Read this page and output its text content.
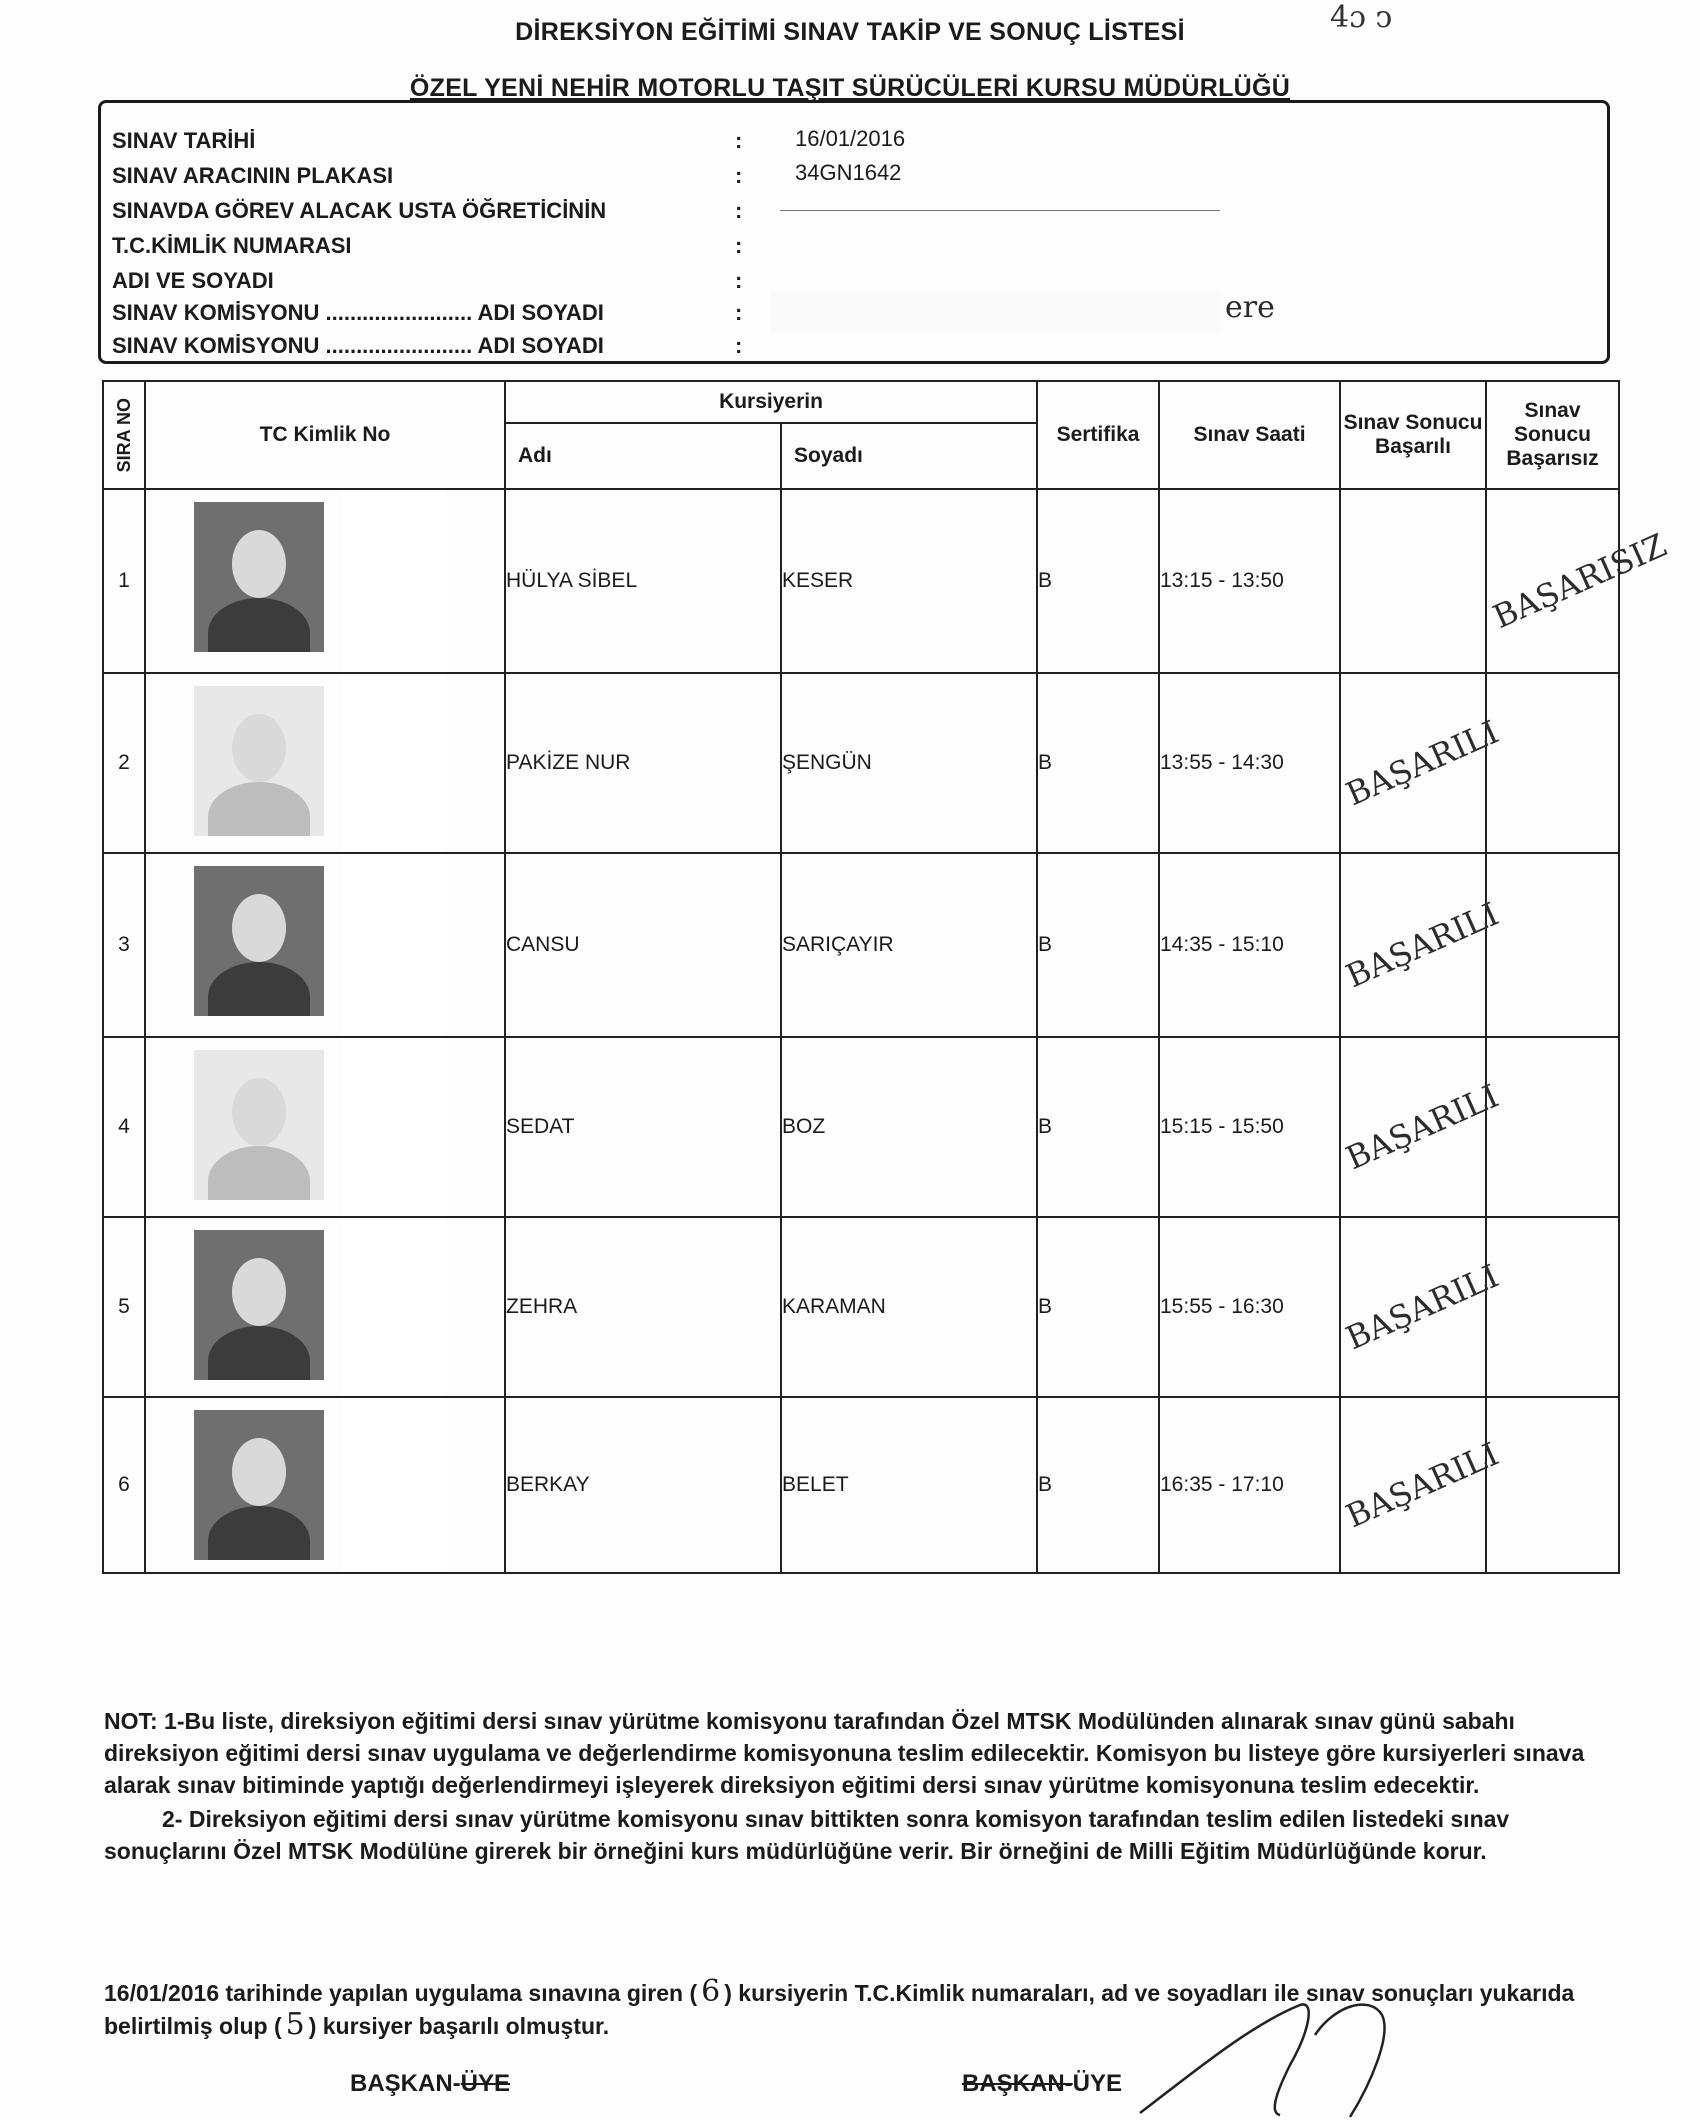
DİREKSİYON EĞİTİMİ SINAV TAKİP VE SONUÇ LİSTESİ
ÖZEL YENİ NEHİR MOTORLU TAŞIT SÜRÜCÜLERİ KURSU MÜDÜRLÜĞÜ
4ɔ ↄ
SINAV TARİHİ	: 16/01/2016
SINAV ARACININ PLAKASI	: 34GN1642
SINAVDA GÖREV ALACAK USTA ÖĞRETİCİNİN	:
T.C.KİMLİK NUMARASI	:
ADI VE SOYADI	:
SINAV KOMİSYONU ........................ ADI SOYADI	:	ere
SINAV KOMİSYONU ........................ ADI SOYADI	:
SIRA NO	TC Kimlik No	Kursiyerin		Sertifika	Sınav Saati	Sınav Sonucu Başarılı	Sınav Sonucu Başarısız
		Adı	Soyadı				
1		HÜLYA SİBEL	KESER	B	13:15 - 13:50		BAŞARISIZ
2		PAKİZE NUR	ŞENGÜN	B	13:55 - 14:30	BAŞARILI	
3		CANSU	SARIÇAYIR	B	14:35 - 15:10	BAŞARILI	
4		SEDAT	BOZ	B	15:15 - 15:50	BAŞARILI	
5		ZEHRA	KARAMAN	B	15:55 - 16:30	BAŞARILI	
6		BERKAY	BELET	B	16:35 - 17:10	BAŞARILI	

NOT: 1-Bu liste, direksiyon eğitimi dersi sınav yürütme komisyonu tarafından Özel MTSK Modülünden alınarak sınav günü sabahı direksiyon eğitimi dersi sınav uygulama ve değerlendirme komisyonuna teslim edilecektir. Komisyon bu listeye göre kursiyerleri sınava alarak sınav bitiminde yaptığı değerlendirmeyi işleyerek direksiyon eğitimi dersi sınav yürütme komisyonuna teslim edecektir.

2- Direksiyon eğitimi dersi sınav yürütme komisyonu sınav bittikten sonra komisyon tarafından teslim edilen listedeki sınav sonuçlarını Özel MTSK Modülüne girerek bir örneğini kurs müdürlüğüne verir. Bir örneğini de Milli Eğitim Müdürlüğünde korur.

16/01/2016 tarihinde yapılan uygulama sınavına giren ( 6 ) kursiyerin T.C.Kimlik numaraları, ad ve soyadları ile sınav sonuçları yukarıda belirtilmiş olup ( 5 ) kursiyer başarılı olmuştur.
BAŞKAN-ÜYE	BAŞKAN-ÜYE
